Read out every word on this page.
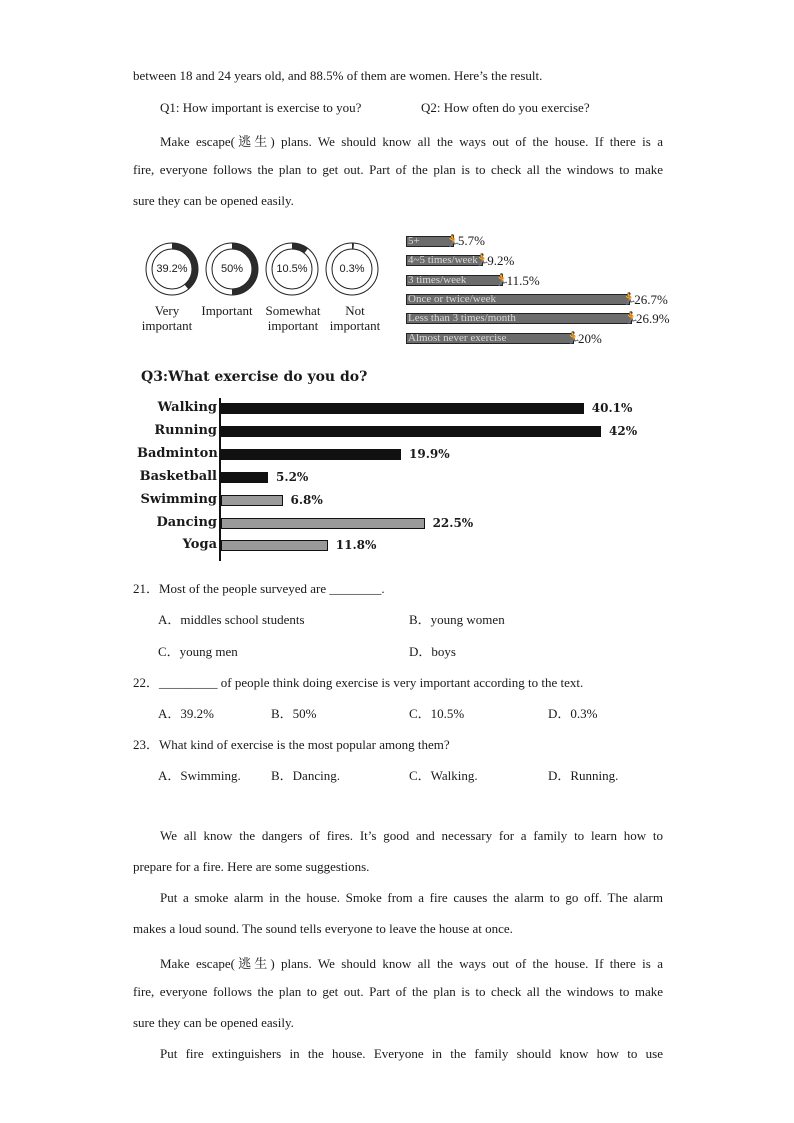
between 18 and 24 years old, and 88.5% of them are women. Here’s the result.
Q1: How important is exercise to you?	Q2: How often do you exercise?
Make escape(逃生) plans. We should know all the ways out of the house. If there is a
fire, everyone follows the plan to get out. Part of the plan is to check all the windows to make
sure they can be opened easily.
39.2%	50%	10.5%	0.3%
Very
important
Important Somewhat
important
Not
important
5+ 🏃
5.7%
4~5 times/week
🏃
9.2%
3 times/week 🏃
11.5%
Once or twice/week	🏃
26.7%
Less than 3 times/month	🏃
26.9%
Almost never exercise	🏃
20%
Q3:What exercise do you do?
Walking	40.1%
Running	42%
Badminton	19.9%
Basketball	5.2%
Swimming	6.8%
Dancing	22.5%
Yoga	11.8%
21．Most of the people surveyed are ________.
A．middles school students	B．young women
C．young men	D．boys
22．_________ of people think doing exercise is very important according to the text.
A．39.2%	B．50%	C．10.5%	D．0.3%
23．What kind of exercise is the most popular among them?
A．Swimming. B．Dancing.	C．Walking.	D．Running.
We all know the dangers of fires. It’s good and necessary for a family to learn how to
prepare for a fire. Here are some suggestions.
Put a smoke alarm in the house. Smoke from a fire causes the alarm to go off. The alarm
makes a loud sound. The sound tells everyone to leave the house at once.
Make escape(逃生) plans. We should know all the ways out of the house. If there is a
fire, everyone follows the plan to get out. Part of the plan is to check all the windows to make
sure they can be opened easily.
Put fire extinguishers in the house. Everyone in the family should know how to use
